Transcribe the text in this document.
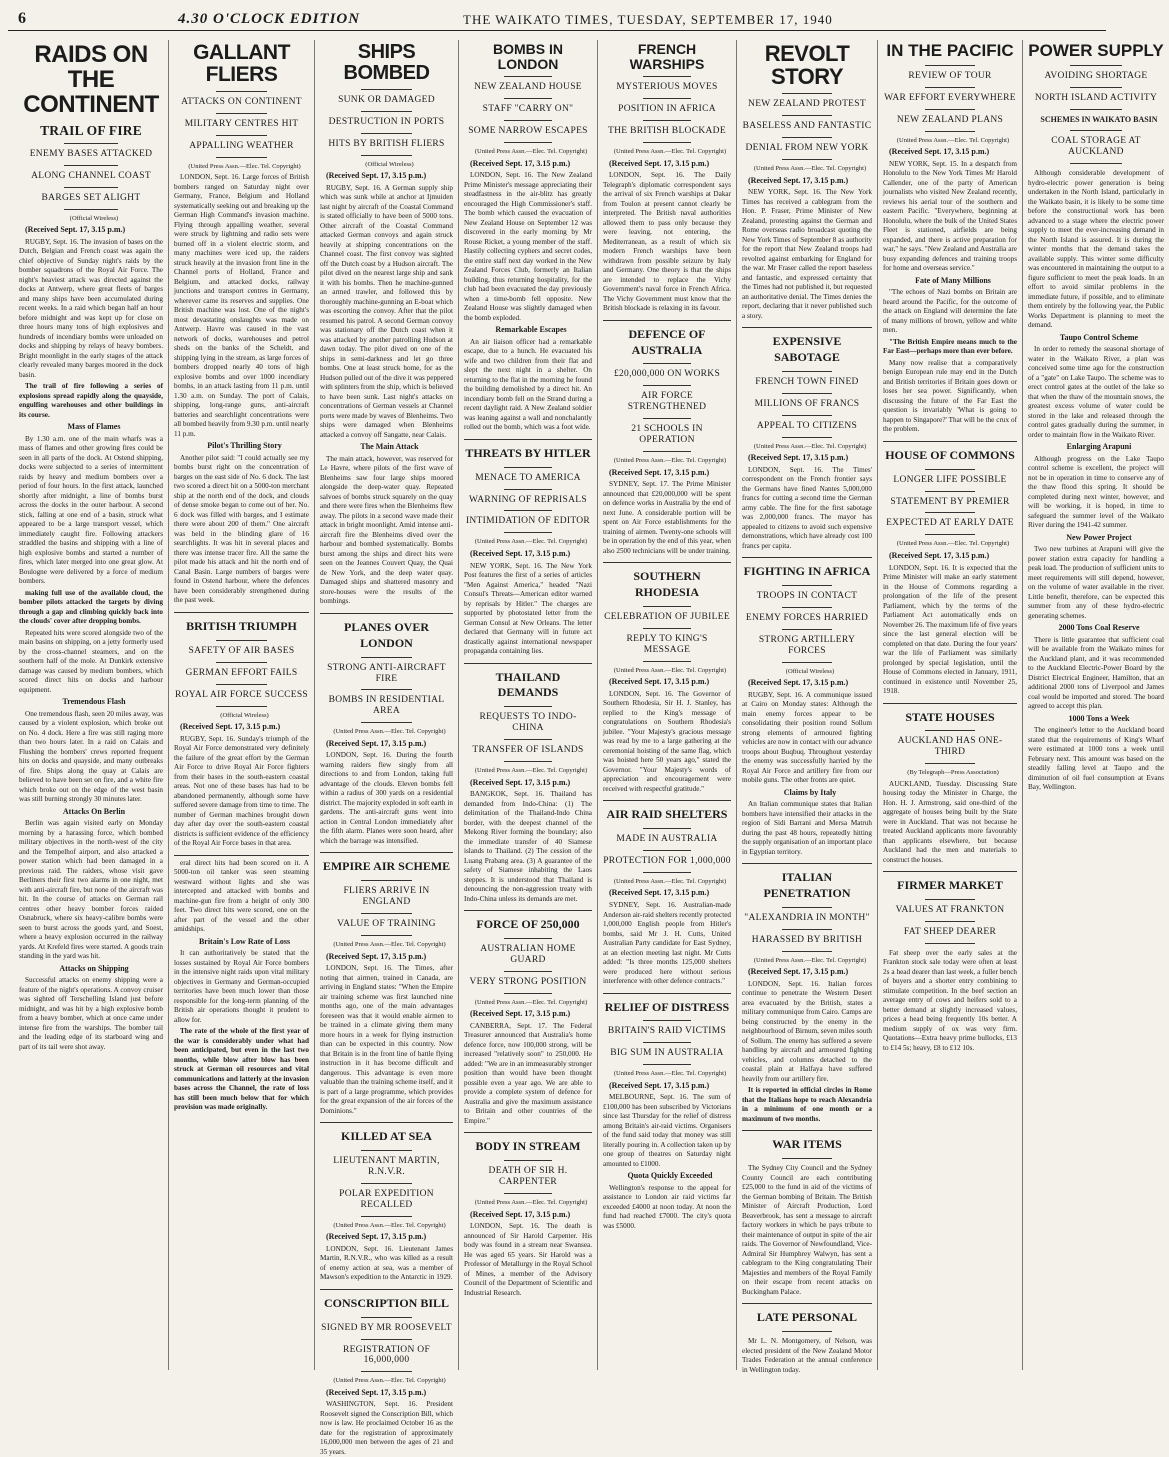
6	4.30 O'CLOCK EDITION	THE WAIKATO TIMES, TUESDAY, SEPTEMBER 17, 1940
RAIDS ON THE CONTINENT
TRAIL OF FIRE
ENEMY BASES ATTACKED
ALONG CHANNEL COAST
BARGES SET ALIGHT

(Official Wireless)

(Received Sept. 17, 3.15 p.m.)

RUGBY, Sept. 16. The invasion of bases on the Dutch, Belgian and French coast was again the chief objective of Sunday night's raids by the bomber squadrons of the Royal Air Force. The night's heaviest attack was directed against the docks at Antwerp, where great fleets of barges and many ships have been accumulated during recent weeks. In a raid which began half an hour before midnight and was kept up for close on three hours many tons of high explosives and hundreds of incendiary bombs were unloaded on docks and shipping by relays of heavy bombers. Bright moonlight in the early stages of the attack clearly revealed many barges moored in the dock basin.

The trail of fire following a series of explosions spread rapidly along the quayside, engulfing warehouses and other buildings in its course.

Mass of Flames

By 1.30 a.m. one of the main wharfs was a mass of flames and other growing fires could be seen in all parts of the dock. At Ostend shipping, docks were subjected to a series of intermittent raids by heavy and medium bombers over a period of four hours. In the first attack, launched shortly after midnight, a line of bombs burst across the docks in the outer harbour. A second stick, falling at one end of a basin, struck what appeared to be a large transport vessel, which immediately caught fire. Following attackers straddled the basins and shipping with a line of high explosive bombs and started a number of fires, which later merged into one great glow. At Boulogne were delivered by a force of medium bombers.

making full use of the available cloud, the bomber pilots attacked the targets by diving through a gap and climbing quickly back into the clouds' cover after dropping bombs.

Repeated hits were scored alongside two of the main basins on shipping, on a jetty formerly used by the cross-channel steamers, and on the southern half of the mole. At Dunkirk extensive damage was caused by medium bombers, which scored direct hits on docks and harbour equipment.

Tremendous Flash

One tremendous flash, seen 20 miles away, was caused by a violent explosion, which broke out on No. 4 dock. Here a fire was still raging more than two hours later. In a raid on Calais and Flushing the bombers' crews reported frequent hits on docks and quayside, and many outbreaks of fire. Ships along the quay at Calais are believed to have been set on fire, and a white fire which broke out on the edge of the west basin was still burning strongly 30 minutes later.

Attacks On Berlin

Berlin was again visited early on Monday morning by a harassing force, which bombed military objectives in the north-west of the city and the Tempelhof airport, and also attacked a power station which had been damaged in a previous raid. The raiders, whose visit gave Berliners their first two alarms in one night, met with anti-aircraft fire, but none of the aircraft was hit. In the course of attacks on German rail centres other heavy bomber forces raided Osnabruck, where six heavy-calibre bombs were seen to burst across the goods yard, and Soest, where a heavy explosion occurred in the railway yards. At Krefeld fires were started. A goods train standing in the yard was hit.

Attacks on Shipping

Successful attacks on enemy shipping were a feature of the night's operations. A convoy cruiser was sighted off Terschelling Island just before midnight, and was hit by a high explosive bomb from a heavy bomber, which at once came under intense fire from the warships. The bomber tail and the leading edge of its starboard wing and part of its tail were shot away.

GALLANT FLIERS
ATTACKS ON CONTINENT
MILITARY CENTRES HIT
APPALLING WEATHER

(United Press Assn.—Elec. Tel. Copyright)

LONDON, Sept. 16. Large forces of British bombers ranged on Saturday night over Germany, France, Belgium and Holland systematically seeking out and breaking up the German High Command's invasion machine. Flying through appalling weather, several were struck by lightning and radio sets were burned off in a violent electric storm, and many machines were iced up, the raiders struck heavily at the invasion front line in the Channel ports of Holland, France and Belgium, and attacked docks, railway junctions and transport centres in Germany, wherever came its reserves and supplies. One British machine was lost. One of the night's most devastating onslaughts was made on Antwerp. Havre was caused in the vast network of docks, warehouses and petrol sheds on the banks of the Scheldt, and shipping lying in the stream, as large forces of bombers dropped nearly 40 tons of high explosive bombs and over 1000 incendiary bombs, in an attack lasting from 11 p.m. until 1.30 a.m. on Sunday. The port of Calais, shipping, long-range guns, anti-aircraft batteries and searchlight concentrations were all bombed heavily from 9.30 p.m. until nearly 11 p.m.

Pilot's Thrilling Story

Another pilot said: "I could actually see my bombs burst right on the concentration of barges on the east side of No. 6 dock. The last two scored a direct hit on a 5000-ton merchant ship at the north end of the dock, and clouds of dense smoke began to come out of her. No. 6 dock was filled with barges, and I estimate there were about 200 of them." One aircraft was held in the blinding glare of 16 searchlights. It was hit in several places and there was intense tracer fire. All the same the pilot made his attack and hit the north end of Canal Basin. Large numbers of barges were found in Ostend harbour, where the defences have been considerably strengthened during the past week.

BRITISH TRIUMPH
SAFETY OF AIR BASES
GERMAN EFFORT FAILS
ROYAL AIR FORCE SUCCESS

(Official Wireless)

(Received Sept. 17, 3.15 p.m.)

RUGBY, Sept. 16. Sunday's triumph of the Royal Air Force demonstrated very definitely the failure of the great effort by the German Air Force to drive Royal Air Force fighters from their bases in the south-eastern coastal areas. Not one of these bases has had to be abandoned permanently, although some have suffered severe damage from time to time. The number of German machines brought down day after day over the south-eastern coastal districts is sufficient evidence of the efficiency of the Royal Air Force bases in that area.

eral direct hits had been scored on it. A 5000-ton oil tanker was seen steaming westward without lights and she was intercepted and attacked with bombs and machine-gun fire from a height of only 300 feet. Two direct hits were scored, one on the after part of the vessel and the other amidships.

Britain's Low Rate of Loss

It can authoritatively be stated that the losses sustained by Royal Air Force bombers in the intensive night raids upon vital military objectives in Germany and German-occupied territories have been much lower than those responsible for the long-term planning of the British air operations thought it prudent to allow for.

The rate of the whole of the first year of the war is considerably under what had been anticipated, but even in the last two months, while blow after blow has been struck at German oil resources and vital communications and latterly at the invasion bases across the Channel, the rate of loss has still been much below that for which provision was made originally.

SHIPS BOMBED
SUNK OR DAMAGED
DESTRUCTION IN PORTS
HITS BY BRITISH FLIERS

(Official Wireless)

(Received Sept. 17, 3.15 p.m.)

RUGBY, Sept. 16. A German supply ship which was sunk while at anchor at Ijmuiden last night by aircraft of the Coastal Command is stated officially to have been of 5000 tons. Other aircraft of the Coastal Command attacked German convoys and again struck heavily at shipping concentrations on the Channel coast. The first convoy was sighted off the Dutch coast by a Hudson aircraft. The pilot dived on the nearest large ship and sank it with his bombs. Then he machine-gunned an armed trawler, and followed this by thoroughly machine-gunning an E-boat which was escorting the convoy. After that the pilot resumed his patrol. A second German convoy was stationary off the Dutch coast when it was attacked by another patrolling Hudson at dawn today. The pilot dived on one of the ships in semi-darkness and let go three bombs. One at least struck home, for as the Hudson pulled out of the dive it was peppered with splinters from the ship, which is believed to have been sunk. Last night's attacks on concentrations of German vessels at Channel ports were made by waves of Blenheims. Two ships were damaged when Blenheims attacked a convoy off Sangatte, near Calais.

The Main Attack

The main attack, however, was reserved for Le Havre, where pilots of the first wave of Blenheims saw four large ships moored alongside the deep-water quay. Repeated salvoes of bombs struck squarely on the quay and there were fires when the Blenheims flew away. The pilots in a second wave made their attack in bright moonlight. Amid intense anti-aircraft fire the Blenheims dived over the harbour and bombed systematically. Bombs burst among the ships and direct hits were seen on the Jeannes Couvert Quay, the Quai de New York, and the deep water quay. Damaged ships and shattered masonry and store-houses were the results of the bombings.

PLANES OVER LONDON
STRONG ANTI-AIRCRAFT FIRE
BOMBS IN RESIDENTIAL AREA

(United Press Assn.—Elec. Tel. Copyright)

(Received Sept. 17, 3.15 p.m.)

LONDON, Sept. 16. During the fourth warning raiders flew singly from all directions to and from London, taking full advantage of the clouds. Eleven bombs fell within a radius of 300 yards on a residential district. The majority exploded in soft earth in gardens. The anti-aircraft guns went into action in Central London immediately after the fifth alarm. Planes were soon heard, after which the barrage was intensified.

EMPIRE AIR SCHEME
FLIERS ARRIVE IN ENGLAND
VALUE OF TRAINING

(United Press Assn.—Elec. Tel. Copyright)

(Received Sept. 17, 3.15 p.m.)

LONDON, Sept. 16. The Times, after noting that airmen, trained in Canada, are arriving in England states: "When the Empire air training scheme was first launched nine months ago, one of the main advantages foreseen was that it would enable airmen to be trained in a climate giving them many more hours in a week for flying instruction than can be expected in this country. Now that Britain is in the front line of battle flying instruction in it has become difficult and dangerous. This advantage is even more valuable than the training scheme itself, and it is part of a large programme, which provides for the great expansion of the air forces of the Dominions."

KILLED AT SEA
LIEUTENANT MARTIN, R.N.V.R.
POLAR EXPEDITION RECALLED

(United Press Assn.—Elec. Tel. Copyright)

(Received Sept. 17, 3.15 p.m.)

LONDON, Sept. 16. Lieutenant James Martin, R.N.V.R., who was killed as a result of enemy action at sea, was a member of Mawson's expedition to the Antarctic in 1929.

CONSCRIPTION BILL
SIGNED BY MR ROOSEVELT
REGISTRATION OF 16,000,000

(United Press Assn.—Elec. Tel. Copyright)

(Received Sept. 17, 3.15 p.m.)

WASHINGTON, Sept. 16. President Roosevelt signed the Conscription Bill, which now is law. He proclaimed October 16 as the date for the registration of approximately 16,000,000 men between the ages of 21 and 35 years.

BOMBS IN LONDON
NEW ZEALAND HOUSE
STAFF "CARRY ON"
SOME NARROW ESCAPES

(United Press Assn.—Elec. Tel. Copyright)

(Received Sept. 17, 3.15 p.m.)

LONDON, Sept. 16. The New Zealand Prime Minister's message appreciating their steadfastness in the air-blitz has greatly encouraged the High Commissioner's staff. The bomb which caused the evacuation of New Zealand House on September 12 was discovered in the early morning by Mr Rouse Ricket, a young member of the staff. Hastily collecting cyphers and secret codes, the entire staff next day worked in the New Zealand Forces Club, formerly an Italian building, thus returning hospitality, for the club had been evacuated the day previously when a time-bomb fell opposite. New Zealand House was slightly damaged when the bomb exploded.

Remarkable Escapes

An air liaison officer had a remarkable escape, due to a hunch. He evacuated his wife and two children from their flat and slept the next night in a shelter. On returning to the flat in the morning he found the building demolished by a direct hit. An incendiary bomb fell on the Strand during a recent daylight raid. A New Zealand soldier was leaning against a wall and nonchalantly rolled out the bomb, which was a foot wide.

THREATS BY HITLER
MENACE TO AMERICA
WARNING OF REPRISALS
INTIMIDATION OF EDITOR

(United Press Assn.—Elec. Tel. Copyright)

(Received Sept. 17, 3.15 p.m.)

NEW YORK, Sept. 16. The New York Post features the first of a series of articles "Men Against America," headed "Nazi Consul's Threats—American editor warned by reprisals by Hitler." The charges are supported by photostated letter from the German Consul at New Orleans. The letter declared that Germany will in future act drastically against international newspaper propaganda containing lies.

THAILAND DEMANDS
REQUESTS TO INDO-CHINA
TRANSFER OF ISLANDS

(United Press Assn.—Elec. Tel. Copyright)

(Received Sept. 17, 3.15 p.m.)

BANGKOK, Sept. 16. Thailand has demanded from Indo-China: (1) The delimitation of the Thailand-Indo China border, with the deepest channel of the Mekong River forming the boundary; also the immediate transfer of 40 Siamese islands to Thailand. (2) The cession of the Luang Prabang area. (3) A guarantee of the safety of Siamese inhabiting the Laos steppes. It is understood that Thailand is denouncing the non-aggression treaty with Indo-China unless its demands are met.

FORCE OF 250,000
AUSTRALIAN HOME GUARD
VERY STRONG POSITION

(United Press Assn.—Elec. Tel. Copyright)

(Received Sept. 17, 3.15 p.m.)

CANBERRA, Sept. 17. The Federal Treasurer announced that Australia's home defence force, now 100,000 strong, will be increased "relatively soon" to 250,000. He added: "We are in an immeasurably stronger position than would have been thought possible even a year ago. We are able to provide a complete system of defence for Australia and give the maximum assistance to Britain and other countries of the Empire."

BODY IN STREAM
DEATH OF SIR H. CARPENTER

(United Press Assn.—Elec. Tel. Copyright)

(Received Sept. 17, 3.15 p.m.)

LONDON, Sept. 16. The death is announced of Sir Harold Carpenter. His body was found in a stream near Swansea. He was aged 65 years. Sir Harold was a Professor of Metallurgy in the Royal School of Mines, a member of the Advisory Council of the Department of Scientific and Industrial Research.

FRENCH WARSHIPS
MYSTERIOUS MOVES
POSITION IN AFRICA
THE BRITISH BLOCKADE

(United Press Assn.—Elec. Tel. Copyright)

(Received Sept. 17, 3.15 p.m.)

LONDON, Sept. 16. The Daily Telegraph's diplomatic correspondent says the arrival of six French warships at Dakar from Toulon at present cannot clearly be interpreted. The British naval authorities allowed them to pass only because they were leaving, not entering, the Mediterranean, as a result of which six modern French warships have been withdrawn from possible seizure by Italy and Germany. One theory is that the ships are intended to replace the Vichy Government's naval force in French Africa. The Vichy Government must know that the British blockade is relaxing in its favour.

DEFENCE OF AUSTRALIA
£20,000,000 ON WORKS
AIR FORCE STRENGTHENED
21 SCHOOLS IN OPERATION

(United Press Assn.—Elec. Tel. Copyright)

(Received Sept. 17, 3.15 p.m.)

SYDNEY, Sept. 17. The Prime Minister announced that £20,000,000 will be spent on defence works in Australia by the end of next June. A considerable portion will be spent on Air Force establishments for the training of airmen. Twenty-one schools will be in operation by the end of this year, when also 2500 technicians will be under training.

SOUTHERN RHODESIA
CELEBRATION OF JUBILEE
REPLY TO KING'S MESSAGE

(United Press Assn.—Elec. Tel. Copyright)

(Received Sept. 17, 3.15 p.m.)

LONDON, Sept. 16. The Governor of Southern Rhodesia, Sir H. J. Stanley, has replied to the King's message of congratulations on Southern Rhodesia's jubilee. "Your Majesty's gracious message was read by me to a large gathering at the ceremonial hoisting of the same flag, which was hoisted here 50 years ago," stated the Governor. "Your Majesty's words of appreciation and encouragement were received with respectful gratitude."

AIR RAID SHELTERS
MADE IN AUSTRALIA
PROTECTION FOR 1,000,000

(United Press Assn.—Elec. Tel. Copyright)

(Received Sept. 17, 3.15 p.m.)

SYDNEY, Sept. 16. Australian-made Anderson air-raid shelters recently protected 1,000,000 English people from Hitler's bombs, said Mr J. H. Cutts, United Australian Party candidate for East Sydney, at an election meeting last night. Mr Cutts added: "Is three months 125,000 shelters were produced here without serious interference with other defence contracts."

RELIEF OF DISTRESS
BRITAIN'S RAID VICTIMS
BIG SUM IN AUSTRALIA

(United Press Assn.—Elec. Tel. Copyright)

(Received Sept. 17, 3.15 p.m.)

MELBOURNE, Sept. 16. The sum of £100,000 has been subscribed by Victorians since last Thursday for the relief of distress among Britain's air-raid victims. Organisers of the fund said today that money was still literally pouring in. A collection taken up by one group of theatres on Saturday night amounted to £1000.

Quota Quickly Exceeded

Wellington's response to the appeal for assistance to London air raid victims far exceeded £4000 at noon today. At noon the fund had reached £7000. The city's quota was £5000.

REVOLT STORY
NEW ZEALAND PROTEST
BASELESS AND FANTASTIC
DENIAL FROM NEW YORK

(United Press Assn.—Elec. Tel. Copyright)

(Received Sept. 17, 3.15 p.m.)

NEW YORK, Sept. 16. The New York Times has received a cablegram from the Hon. P. Fraser, Prime Minister of New Zealand, protesting against the German and Rome overseas radio broadcast quoting the New York Times of September 8 as authority for the report that New Zealand troops had revolted against embarking for England for the war. Mr Fraser called the report baseless and fantastic, and expressed certainty that the Times had not published it, but requested an authoritative denial. The Times denies the report, declaring that it never published such a story.

EXPENSIVE SABOTAGE
FRENCH TOWN FINED
MILLIONS OF FRANCS
APPEAL TO CITIZENS

(United Press Assn.—Elec. Tel. Copyright)

(Received Sept. 17, 3.15 p.m.)

LONDON, Sept. 16. The Times' correspondent on the French frontier says the Germans have fined Nantes 5,000,000 francs for cutting a second time the German army cable. The fine for the first sabotage was 2,000,000 francs. The mayor has appealed to citizens to avoid such expensive demonstrations, which have already cost 100 francs per capita.

FIGHTING IN AFRICA
TROOPS IN CONTACT
ENEMY FORCES HARRIED
STRONG ARTILLERY FORCES

(Official Wireless)

(Received Sept. 17, 3.15 p.m.)

RUGBY, Sept. 16. A communique issued at Cairo on Monday states: Although the main enemy forces appear to be consolidating their position round Sollum strong elements of armoured fighting vehicles are now in contact with our advance troops about Buqbuq. Throughout yesterday the enemy was successfully harried by the Royal Air Force and artillery fire from our mobile guns. The other fronts are quiet.

Claims by Italy

An Italian communique states that Italian bombers have intensified their attacks in the region of Sidi Barrani and Mersa Matruh during the past 48 hours, repeatedly hitting the supply organisation of an important place in Egyptian territory.

ITALIAN PENETRATION
"ALEXANDRIA IN MONTH"
HARASSED BY BRITISH

(United Press Assn.—Elec. Tel. Copyright)

(Received Sept. 17, 3.15 p.m.)

LONDON, Sept. 16. Italian forces continue to penetrate the Western Desert area evacuated by the British, states a military communique from Cairo. Camps are being constructed by the enemy in the neighbourhood of Birnum, seven miles south of Sollum. The enemy has suffered a severe handling by aircraft and armoured fighting vehicles, and columns detached to the coastal plain at Halfaya have suffered heavily from our artillery fire.

It is reported in official circles in Rome that the Italians hope to reach Alexandria in a minimum of one month or a maximum of two months.

WAR ITEMS

The Sydney City Council and the Sydney County Council are each contributing £25,000 to the fund in aid of the victims of the German bombing of Britain. The British Minister of Aircraft Production, Lord Beaverbrook, has sent a message to aircraft factory workers in which he pays tribute to their maintenance of output in spite of the air raids. The Governor of Newfoundland, Vice-Admiral Sir Humphrey Walwyn, has sent a cablegram to the King congratulating Their Majesties and members of the Royal Family on their escape from recent attacks on Buckingham Palace.

LATE PERSONAL

Mr L. N. Montgomery, of Nelson, was elected president of the New Zealand Motor Trades Federation at the annual conference in Wellington today.

IN THE PACIFIC
REVIEW OF TOUR
WAR EFFORT EVERYWHERE
NEW ZEALAND PLANS

(United Press Assn.—Elec. Tel. Copyright)

(Received Sept. 17, 3.15 p.m.)

NEW YORK, Sept. 15. In a despatch from Honolulu to the New York Times Mr Harold Callender, one of the party of American journalists who visited New Zealand recently, reviews his aerial tour of the southern and eastern Pacific. "Everywhere, beginning at Honolulu, where the bulk of the United States Fleet is stationed, airfields are being expanded, and there is active preparation for war," he says. "New Zealand and Australia are busy expanding defences and training troops for home and overseas service."

Fate of Many Millions

"The echoes of Nazi bombs on Britain are heard around the Pacific, for the outcome of the attack on England will determine the fate of many millions of brown, yellow and white men.

"The British Empire means much to the Far East—perhaps more than ever before.

Many now realise that a comparatively benign European rule may end in the Dutch and British territories if Britain goes down or loses her sea power. Significantly, when discussing the future of the Far East the question is invariably 'What is going to happen to Singapore?' That will be the crux of the problem.

HOUSE OF COMMONS
LONGER LIFE POSSIBLE
STATEMENT BY PREMIER
EXPECTED AT EARLY DATE

(United Press Assn.—Elec. Tel. Copyright)

(Received Sept. 17, 3.15 p.m.)

LONDON, Sept. 16. It is expected that the Prime Minister will make an early statement in the House of Commons regarding a prolongation of the life of the present Parliament, which by the terms of the Parliament Act automatically ends on November 26. The maximum life of five years since the last general election will be completed on that date. During the four years' war the life of Parliament was similarly prolonged by special legislation, until the House of Commons elected in January, 1911, continued in existence until November 25, 1918.

STATE HOUSES
AUCKLAND HAS ONE-THIRD

(By Telegraph—Press Association)

AUCKLAND, Tuesday. Discussing State housing today the Minister in Charge, the Hon. H. J. Armstrong, said one-third of the aggregate of houses being built by the State were in Auckland. That was not because he treated Auckland applicants more favourably than applicants elsewhere, but because Auckland had the men and materials to construct the houses.

FIRMER MARKET
VALUES AT FRANKTON
FAT SHEEP DEARER

Fat sheep over the early sales at the Frankton stock sale today were often at least 2s a head dearer than last week, a fuller bench of buyers and a shorter entry combining to stimulate competition. In the beef section an average entry of cows and heifers sold to a better demand at slightly increased values, prices a head being frequently 10s better. A medium supply of ox was very firm. Quotations—Extra heavy prime bullocks, £13 to £14 5s; heavy, £8 to £12 10s.

POWER SUPPLY
AVOIDING SHORTAGE
NORTH ISLAND ACTIVITY

SCHEMES IN WAIKATO BASIN

COAL STORAGE AT AUCKLAND

Although considerable development of hydro-electric power generation is being undertaken in the North Island, particularly in the Waikato basin, it is likely to be some time before the constructional work has been advanced to a stage where the electric power supply to meet the ever-increasing demand in the North Island is assured. It is during the winter months that the demand takes the available supply. This winter some difficulty was encountered in maintaining the output to a figure sufficient to meet the peak loads. In an effort to avoid similar problems in the immediate future, if possible, and to eliminate them entirely by the following year, the Public Works Department is planning to meet the demand.

Taupo Control Scheme

In order to remedy the seasonal shortage of water in the Waikato River, a plan was conceived some time ago for the construction of a "gate" on Lake Taupo. The scheme was to erect control gates at the outlet of the lake so that when the thaw of the mountain snows, the greatest excess volume of water could be stored in the lake and released through the control gates gradually during the summer, in order to maintain flow in the Waikato River.

Enlarging Arapuni

Although progress on the Lake Taupo control scheme is excellent, the project will not be in operation in time to conserve any of the thaw flood this spring. It should be completed during next winter, however, and will be working, it is hoped, in time to safeguard the summer level of the Waikato River during the 1941-42 summer.

New Power Project

Two new turbines at Arapuni will give the power station extra capacity for handling a peak load. The production of sufficient units to meet requirements will still depend, however, on the volume of water available in the river. Little benefit, therefore, can be expected this summer from any of these hydro-electric generating schemes.

2000 Tons Coal Reserve

There is little guarantee that sufficient coal will be available from the Waikato mines for the Auckland plant, and it was recommended to the Auckland Electric-Power Board by the District Electrical Engineer, Hamilton, that an additional 2000 tons of Liverpool and James coal would be imported and stored. The board agreed to accept this plan.

1000 Tons a Week

The engineer's letter to the Auckland board stated that the requirements of King's Wharf were estimated at 1000 tons a week until February next. This amount was based on the steadily falling level at Taupo and the diminution of oil fuel consumption at Evans Bay, Wellington.
